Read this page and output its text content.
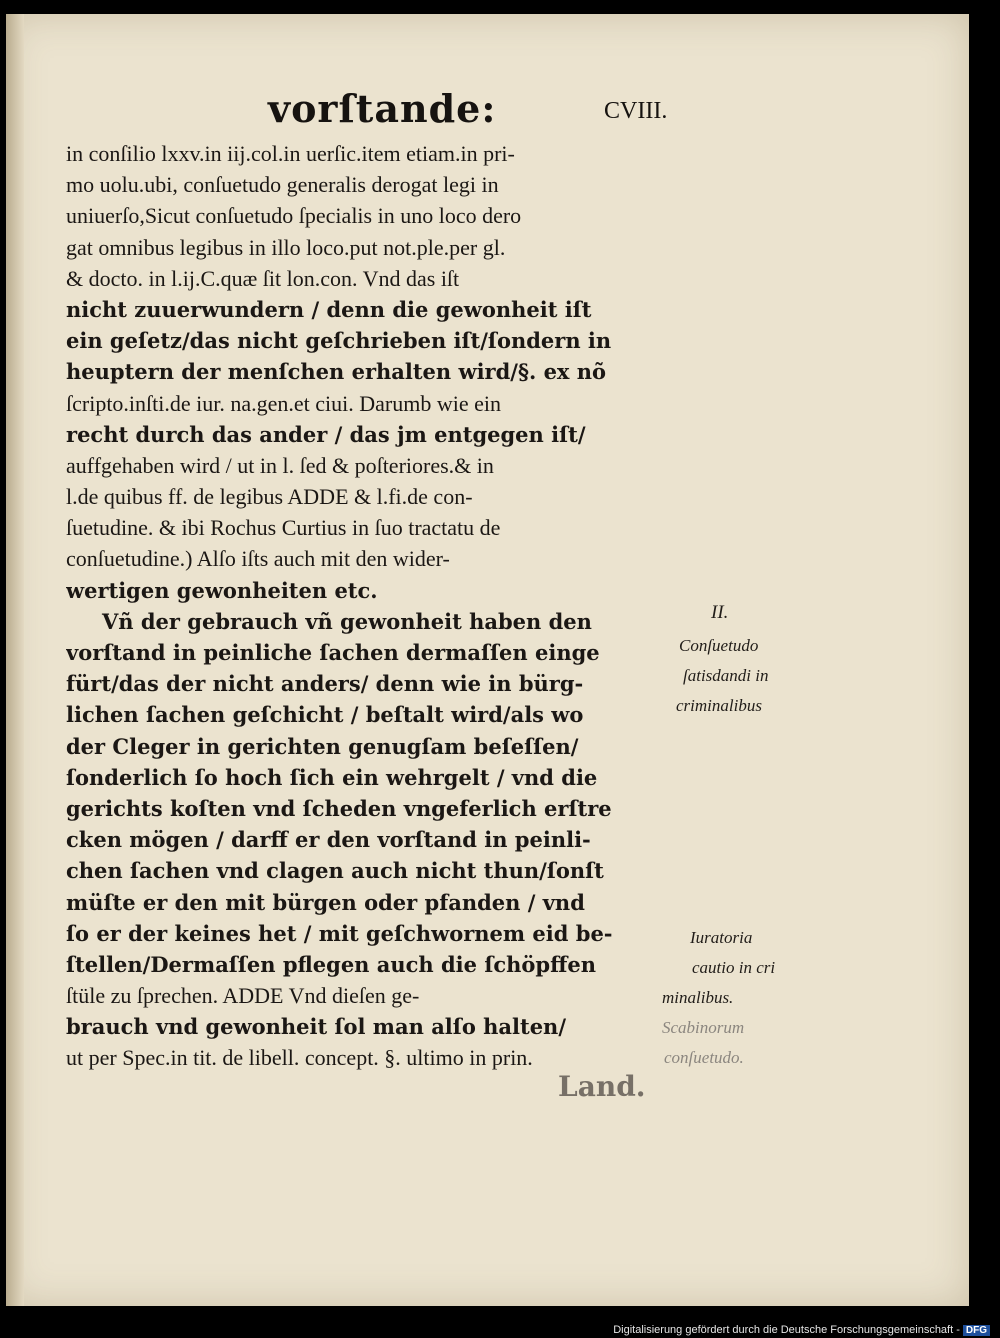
vorſtande:	CVIII.
in conſilio lxxv.in iij.col.in uerſic.item etiam.in pri-
mo uolu.ubi, conſuetudo generalis derogat legi in
uniuerſo,Sicut conſuetudo ſpecialis in uno loco dero
gat omnibus legibus in illo loco.put not.ple.per gl.
& docto. in l.ij.C.quæ ſit lon.con. Vnd das iſt
nicht zuuerwundern / denn die gewonheit iſt
ein geſetz/das nicht geſchrieben iſt/ſondern in
heuptern der menſchen erhalten wird/§. ex nõ
ſcripto.inſti.de iur. na.gen.et ciui. Darumb wie ein
recht durch das ander / das jm entgegen iſt/
auffgehaben wird / ut in l. ſed & poſteriores.& in
l.de quibus ff. de legibus ADDE & l.fi.de con-
ſuetudine. & ibi Rochus Curtius in ſuo tractatu de
conſuetudine.) Alſo iſts auch mit den wider-
wertigen gewonheiten etc.
Vñ der gebrauch vñ gewonheit haben den
vorſtand in peinliche ſachen dermaſſen einge
fürt/das der nicht anders/ denn wie in bürg-
lichen ſachen geſchicht / beſtalt wird/als wo
der Cleger in gerichten genugſam beſeſſen/
ſonderlich ſo hoch ſich ein wehrgelt / vnd die
gerichts koſten vnd ſcheden vngeferlich erſtre
cken mögen / darff er den vorſtand in peinli-
chen ſachen vnd clagen auch nicht thun/ſonſt
müſte er den mit bürgen oder pfanden / vnd
ſo er der keines het / mit geſchwornem eid be-
ſtellen/Dermaſſen pflegen auch die ſchöpffen
ſtüle zu ſprechen. ADDE Vnd dieſen ge-
brauch vnd gewonheit ſol man alſo halten/
ut per Spec.in tit. de libell. concept. §. ultimo in prin.
Land.
II.
Conſuetudo
ſatisdandi in
criminalibus
Iuratoria
cautio in cri
minalibus.
Scabinorum
conſuetudo.
Digitalisierung gefördert durch die Deutsche Forschungsgemeinschaft - DFG
